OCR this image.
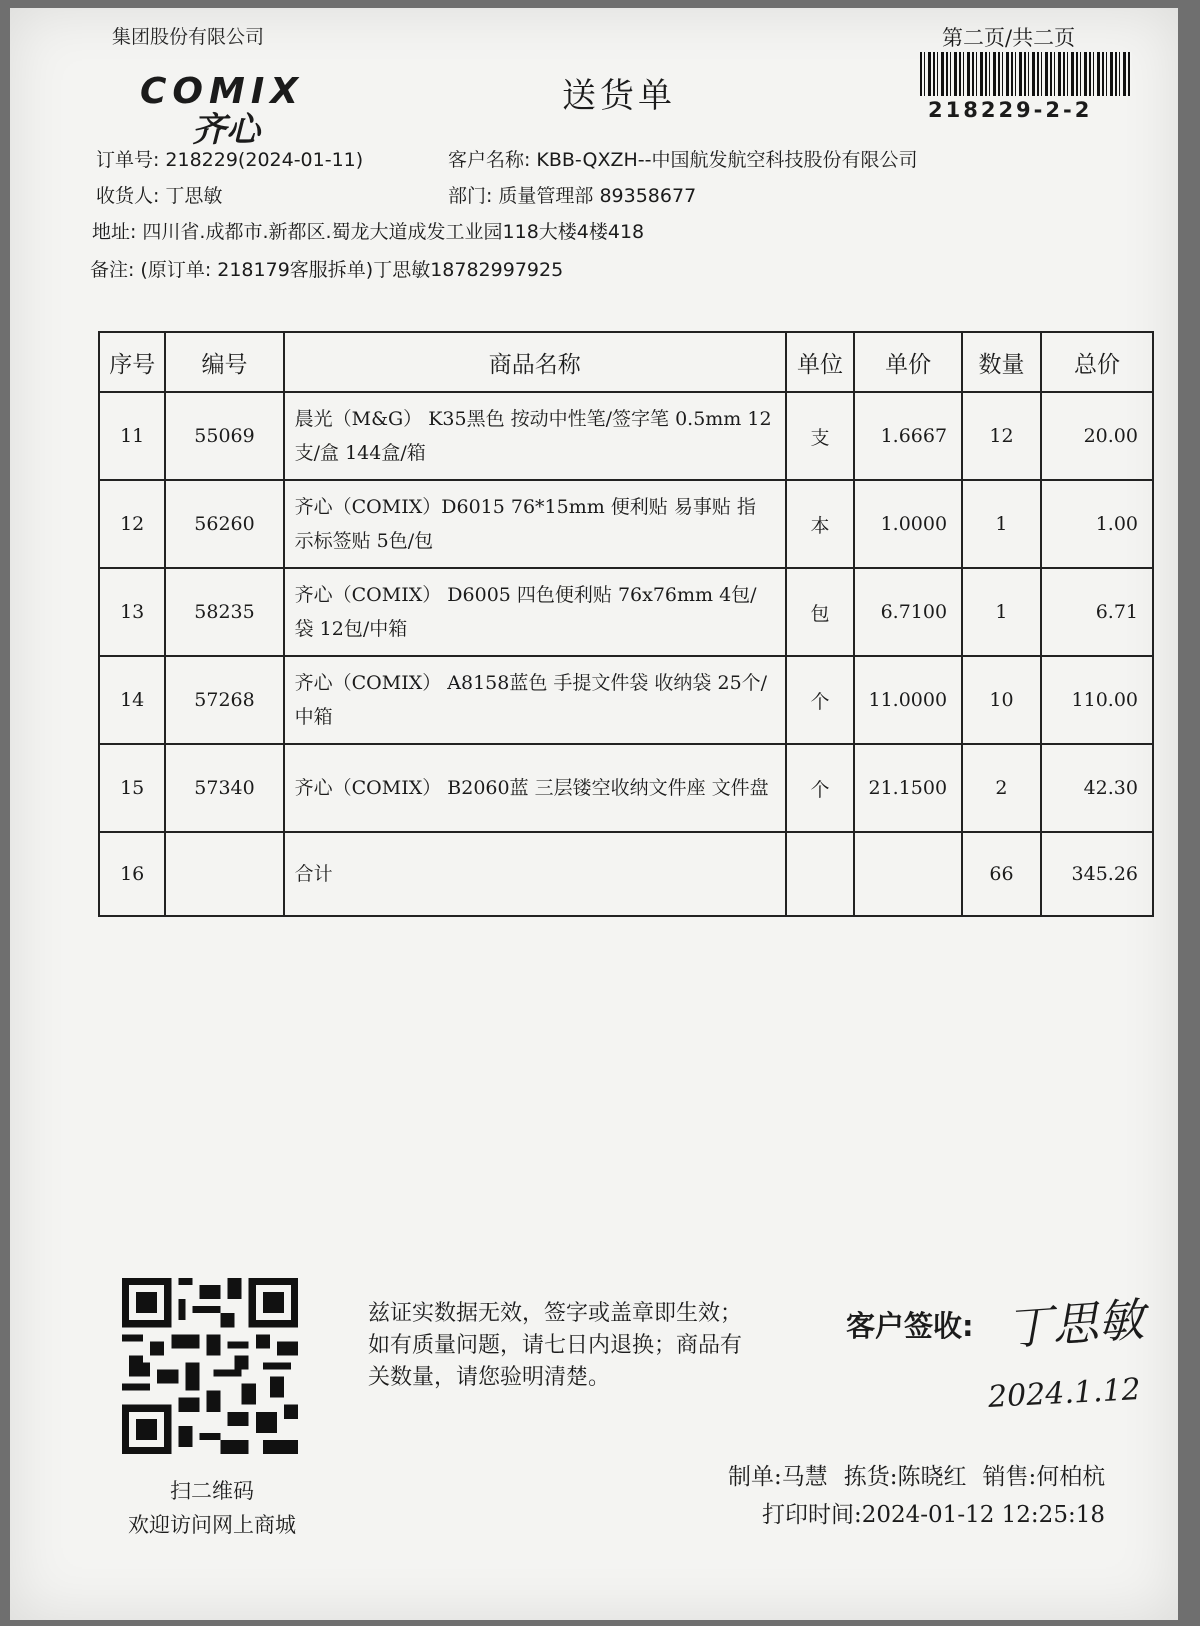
集团股份有限公司	第二页/共二页
218229-2-2
COMIX
齐心
送货单
订单号: 218229(2024-01-11)	客户名称: KBB-QXZH--中国航发航空科技股份有限公司
收货人: 丁思敏	部门: 质量管理部 89358677
地址: 四川省.成都市.新都区.蜀龙大道成发工业园118大楼4楼418
备注: (原订单: 218179客服拆单)丁思敏18782997925
序号	编号	商品名称	单位	单价	数量	总价
11	55069	晨光（M&G） K35黑色 按动中性笔/签字笔 0.5mm 12支/盒 144盒/箱	支	1.6667	12	20.00
12	56260	齐心（COMIX）D6015 76*15mm 便利贴 易事贴 指示标签贴 5色/包	本	1.0000	1	1.00
13	58235	齐心（COMIX） D6005 四色便利贴 76x76mm 4包/袋 12包/中箱	包	6.7100	1	6.71
14	57268	齐心（COMIX） A8158蓝色 手提文件袋 收纳袋 25个/中箱	个	11.0000	10	110.00
15	57340	齐心（COMIX） B2060蓝 三层镂空收纳文件座 文件盘	个	21.1500	2	42.30
16		合计			66	345.26
扫二维码
欢迎访问网上商城
兹证实数据无效，签字或盖章即生效；如有质量问题，请七日内退换；商品有关数量，请您验明清楚。
客户签收: 丁思敏
2024.1.12
制单:马慧 拣货:陈晓红 销售:何柏杭
打印时间:2024-01-12 12:25:18
